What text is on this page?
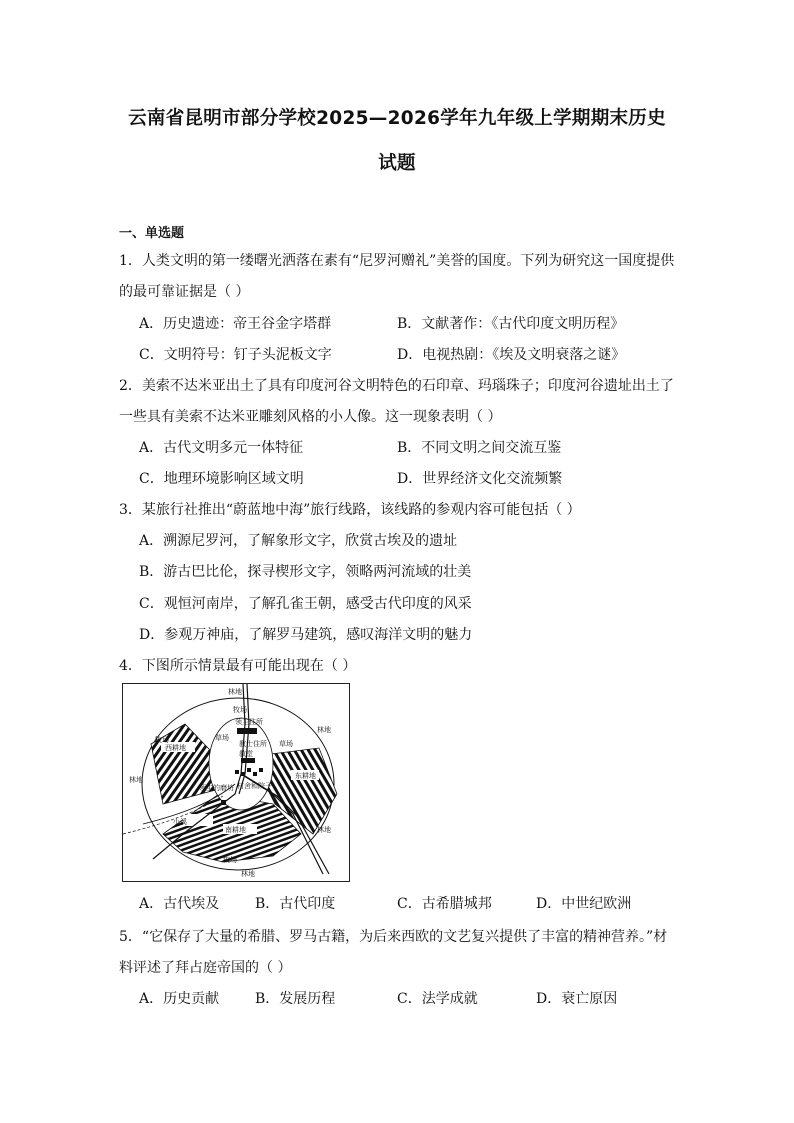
云南省昆明市部分学校2025—2026学年九年级上学期期末历史
试题
一、单选题
1．人类文明的第一缕曙光洒落在素有“尼罗河赠礼”美誉的国度。下列为研究这一国度提供
的最可靠证据是（ ）
A．历史遗迹：帝王谷金字塔群	B．文献著作：《古代印度文明历程》
C．文明符号：钉子头泥板文字	D．电视热剧：《埃及文明衰落之谜》
2．美索不达米亚出土了具有印度河谷文明特色的石印章、玛瑙珠子；印度河谷遗址出土了
一些具有美索不达米亚雕刻风格的小人像。这一现象表明（ ）
A．古代文明多元一体特征	B．不同文明之间交流互鉴
C．地理环境影响区域文明	D．世界经济文化交流频繁
3．某旅行社推出“蔚蓝地中海”旅行线路，该线路的参观内容可能包括（ ）
A．溯源尼罗河，了解象形文字，欣赏古埃及的遗址
B．游古巴比伦，探寻楔形文字，领略两河流域的壮美
C．观恒河南岸，了解孔雀王朝，感受古代印度的风采
D．参观万神庙，了解罗马建筑，感叹海洋文明的魅力
4．下图所示情景最有可能出现在（ ）
林地
牧场
领主住所
草场
教士住所 草场
教堂
牧场
林地
西耕地
东耕地
林地
领主的磨坊 村舍和院子
小溪
南耕地	林地
牧场
林地
A．古代埃及	B．古代印度	C．古希腊城邦	D．中世纪欧洲
5．“它保存了大量的希腊、罗马古籍，为后来西欧的文艺复兴提供了丰富的精神营养。”材
料评述了拜占庭帝国的（ ）
A．历史贡献	B．发展历程	C．法学成就	D．衰亡原因
